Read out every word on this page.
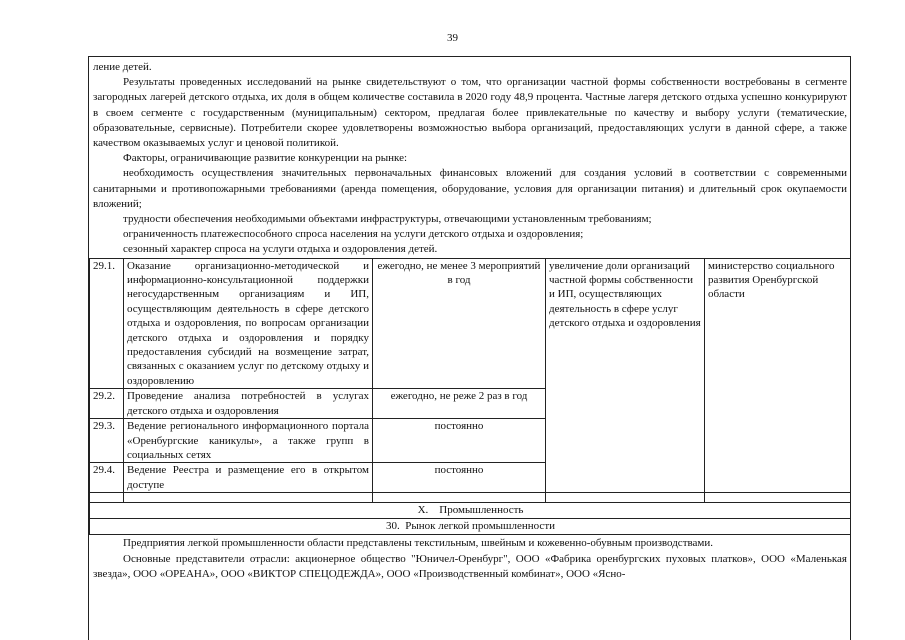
39

ление детей.

Результаты проведенных исследований на рынке свидетельствуют о том, что организации частной формы собственности востребованы в сегменте загородных лагерей детского отдыха, их доля в общем количестве составила в 2020 году 48,9 процента. Частные лагеря детского отдыха успешно конкурируют в своем сегменте с государственным (муниципальным) сектором, предлагая более привлекательные по качеству и выбору услуги (тематические, образовательные, сервисные). Потребители скорее удовлетворены возможностью выбора организаций, предоставляющих услуги в данной сфере, а также качеством оказываемых услуг и ценовой политикой.

Факторы, ограничивающие развитие конкуренции на рынке:

необходимость осуществления значительных первоначальных финансовых вложений для создания условий в соответствии с современными санитарными и противопожарными требованиями (аренда помещения, оборудование, условия для организации питания) и длительный срок окупаемости вложений;

трудности обеспечения необходимыми объектами инфраструктуры, отвечающими установленным требованиям;

ограниченность платежеспособного спроса населения на услуги детского отдыха и оздоровления;

сезонный характер спроса на услуги отдыха и оздоровления детей.

29.1.	Оказание организационно-методической и информационно-консультационной поддержки негосударственным организациям и ИП, осуществляющим деятельность в сфере детского отдыха и оздоровления, по вопросам организации детского отдыха и оздоровления и порядку предоставления субсидий на возмещение затрат, связанных с оказанием услуг по детскому отдыху и оздоровлению	ежегодно, не менее 3 мероприятий в год	увеличение доли организаций частной формы собственности и ИП, осуществляющих деятельность в сфере услуг детского отдыха и оздоровления	министерство социального развития Оренбургской области
29.2.	Проведение анализа потребностей в услугах детского отдыха и оздоровления	ежегодно, не реже 2 раз в год		
29.3.	Ведение регионального информационного портала «Оренбургские каникулы», а также групп в социальных сетях	постоянно		
29.4.	Ведение Реестра и размещение его в открытом доступе	постоянно		

X.    Промышленность				
30.  Рынок легкой промышленности				

Предприятия легкой промышленности области представлены текстильным, швейным и кожевенно-обувным производствами.

Основные представители отрасли: акционерное общество "Юничел-Оренбург", ООО «Фабрика оренбургских пуховых платков», ООО «Маленькая звезда», ООО «ОРЕАНА», ООО «ВИКТОР СПЕЦОДЕЖДА», ООО «Производственный комбинат», ООО «Ясно-
